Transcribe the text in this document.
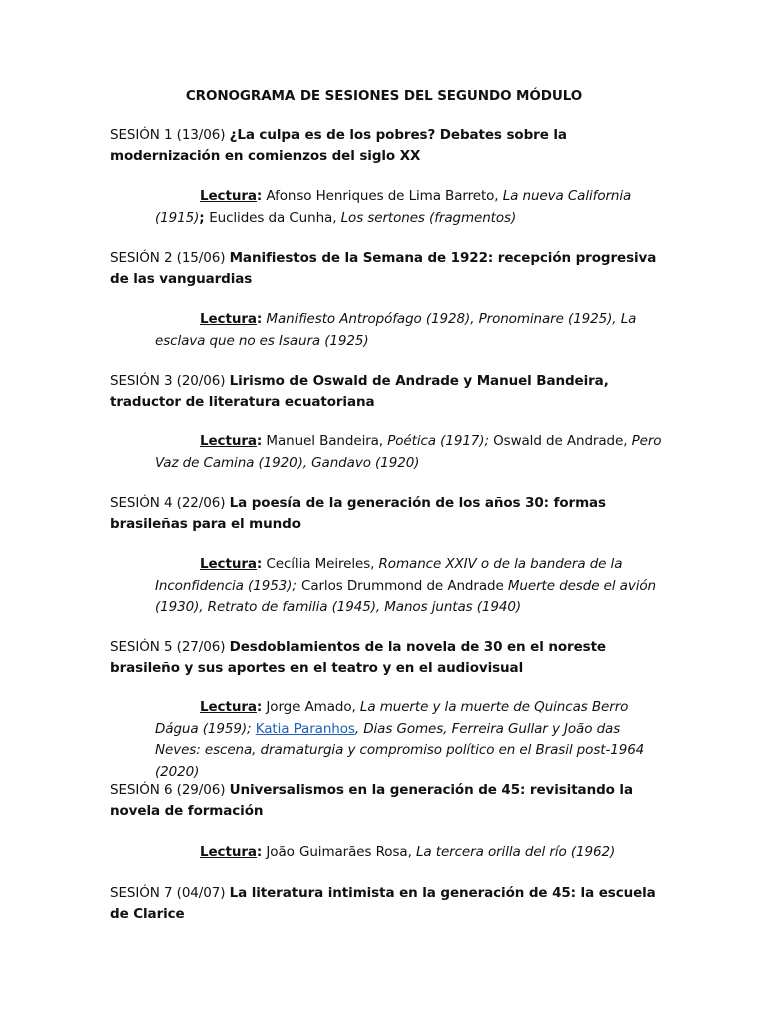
CRONOGRAMA DE SESIONES DEL SEGUNDO MÓDULO
SESIÓN 1 (13/06) ¿La culpa es de los pobres? Debates sobre la modernización en comienzos del siglo XX
Lectura: Afonso Henriques de Lima Barreto, La nueva California (1915); Euclides da Cunha, Los sertones (fragmentos)
SESIÓN 2 (15/06) Manifiestos de la Semana de 1922: recepción progresiva de las vanguardias
Lectura: Manifiesto Antropófago (1928), Pronominare (1925), La esclava que no es Isaura (1925)
SESIÓN 3 (20/06) Lirismo de Oswald de Andrade y Manuel Bandeira, traductor de literatura ecuatoriana
Lectura: Manuel Bandeira, Poética (1917); Oswald de Andrade, Pero Vaz de Camina (1920), Gandavo (1920)
SESIÓN 4 (22/06) La poesía de la generación de los años 30: formas brasileñas para el mundo
Lectura: Cecília Meireles, Romance XXIV o de la bandera de la Inconfidencia (1953); Carlos Drummond de Andrade Muerte desde el avión (1930), Retrato de familia (1945), Manos juntas (1940)
SESIÓN 5 (27/06) Desdoblamientos de la novela de 30 en el noreste brasileño y sus aportes en el teatro y en el audiovisual
Lectura: Jorge Amado, La muerte y la muerte de Quincas Berro Dágua (1959); Katia Paranhos, Dias Gomes, Ferreira Gullar y João das Neves: escena, dramaturgia y compromiso político en el Brasil post-1964 (2020)
SESIÓN 6 (29/06) Universalismos en la generación de 45: revisitando la novela de formación
Lectura: João Guimarães Rosa, La tercera orilla del río (1962)
SESIÓN 7 (04/07) La literatura intimista en la generación de 45: la escuela de Clarice
